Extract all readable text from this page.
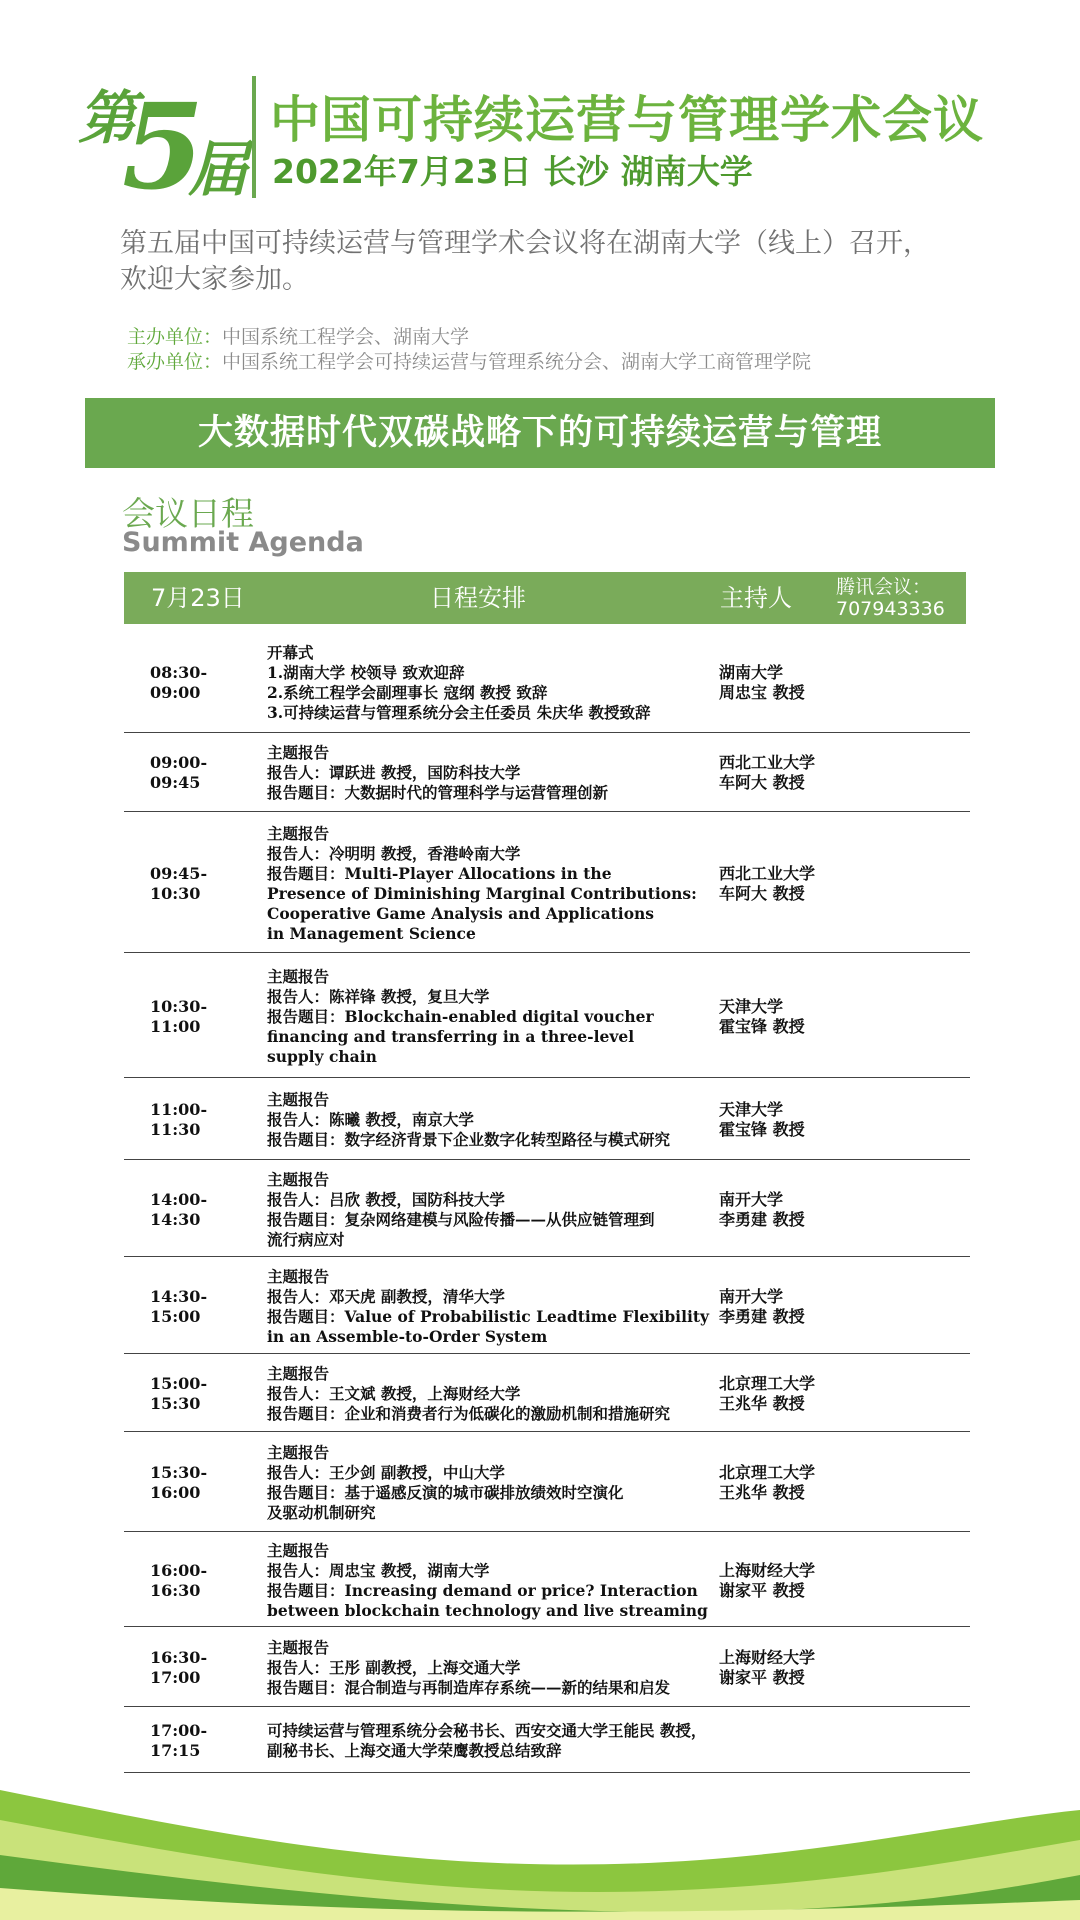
第
5
届
中国可持续运营与管理学术会议
2022年7月23日 长沙 湖南大学
第五届中国可持续运营与管理学术会议将在湖南大学（线上）召开，
欢迎大家参加。
主办单位：中国系统工程学会、湖南大学
承办单位：中国系统工程学会可持续运营与管理系统分会、湖南大学工商管理学院
大数据时代双碳战略下的可持续运营与管理
会议日程
Summit Agenda
7月23日	日程安排	主持人 腾讯会议：
707943336
08:30-
09:00
开幕式
1.湖南大学 校领导 致欢迎辞
2.系统工程学会副理事长 寇纲 教授 致辞
3.可持续运营与管理系统分会主任委员 朱庆华 教授致辞
湖南大学
周忠宝 教授
09:00-
09:45
主题报告
报告人：谭跃进 教授，国防科技大学
报告题目：大数据时代的管理科学与运营管理创新
西北工业大学
车阿大 教授
09:45-
10:30
主题报告
报告人：冷明明 教授，香港岭南大学
报告题目：Multi-Player Allocations in the
Presence of Diminishing Marginal Contributions:
Cooperative Game Analysis and Applications
in Management Science
西北工业大学
车阿大 教授
10:30-
11:00
主题报告
报告人：陈祥锋 教授，复旦大学
报告题目：Blockchain-enabled digital voucher
financing and transferring in a three-level
supply chain
天津大学
霍宝锋 教授
11:00-
11:30
主题报告
报告人：陈曦 教授，南京大学
报告题目：数字经济背景下企业数字化转型路径与模式研究
天津大学
霍宝锋 教授
14:00-
14:30
主题报告
报告人：吕欣 教授，国防科技大学
报告题目：复杂网络建模与风险传播——从供应链管理到
流行病应对
南开大学
李勇建 教授
14:30-
15:00
主题报告
报告人：邓天虎 副教授，清华大学
报告题目：Value of Probabilistic Leadtime Flexibility
in an Assemble-to-Order System
南开大学
李勇建 教授
15:00-
15:30
主题报告
报告人：王文斌 教授，上海财经大学
报告题目：企业和消费者行为低碳化的激励机制和措施研究
北京理工大学
王兆华 教授
15:30-
16:00
主题报告
报告人：王少剑 副教授，中山大学
报告题目：基于遥感反演的城市碳排放绩效时空演化
及驱动机制研究
北京理工大学
王兆华 教授
16:00-
16:30
主题报告
报告人：周忠宝 教授，湖南大学
报告题目：Increasing demand or price? Interaction
between blockchain technology and live streaming
上海财经大学
谢家平 教授
16:30-
17:00
主题报告
报告人：王彤 副教授，上海交通大学
报告题目：混合制造与再制造库存系统——新的结果和启发
上海财经大学
谢家平 教授
17:00-
17:15
可持续运营与管理系统分会秘书长、西安交通大学王能民 教授，
副秘书长、上海交通大学荣鹰教授总结致辞
